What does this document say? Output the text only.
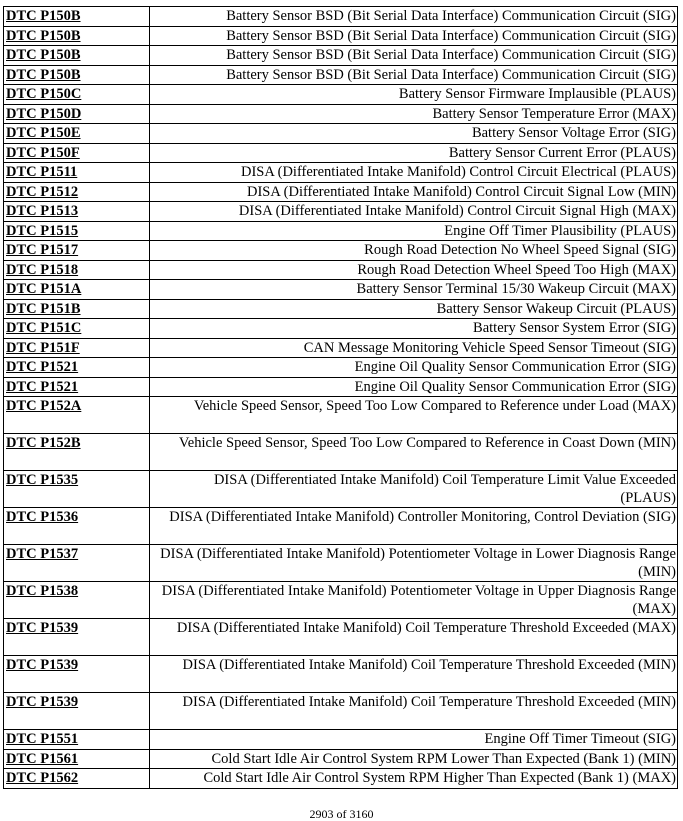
DTC P150B	Battery Sensor BSD (Bit Serial Data Interface) Communication Circuit (SIG)
DTC P150B	Battery Sensor BSD (Bit Serial Data Interface) Communication Circuit (SIG)
DTC P150B	Battery Sensor BSD (Bit Serial Data Interface) Communication Circuit (SIG)
DTC P150B	Battery Sensor BSD (Bit Serial Data Interface) Communication Circuit (SIG)
DTC P150C	Battery Sensor Firmware Implausible (PLAUS)
DTC P150D	Battery Sensor Temperature Error (MAX)
DTC P150E	Battery Sensor Voltage Error (SIG)
DTC P150F	Battery Sensor Current Error (PLAUS)
DTC P1511	DISA (Differentiated Intake Manifold) Control Circuit Electrical (PLAUS)
DTC P1512	DISA (Differentiated Intake Manifold) Control Circuit Signal Low (MIN)
DTC P1513	DISA (Differentiated Intake Manifold) Control Circuit Signal High (MAX)
DTC P1515	Engine Off Timer Plausibility (PLAUS)
DTC P1517	Rough Road Detection No Wheel Speed Signal (SIG)
DTC P1518	Rough Road Detection Wheel Speed Too High (MAX)
DTC P151A	Battery Sensor Terminal 15/30 Wakeup Circuit (MAX)
DTC P151B	Battery Sensor Wakeup Circuit (PLAUS)
DTC P151C	Battery Sensor System Error (SIG)
DTC P151F	CAN Message Monitoring Vehicle Speed Sensor Timeout (SIG)
DTC P1521	Engine Oil Quality Sensor Communication Error (SIG)
DTC P1521	Engine Oil Quality Sensor Communication Error (SIG)
DTC P152A	Vehicle Speed Sensor, Speed Too Low Compared to Reference under Load (MAX)
DTC P152B	Vehicle Speed Sensor, Speed Too Low Compared to Reference in Coast Down (MIN)
DTC P1535	DISA (Differentiated Intake Manifold) Coil Temperature Limit Value Exceeded (PLAUS)
DTC P1536	DISA (Differentiated Intake Manifold) Controller Monitoring, Control Deviation (SIG)
DTC P1537	DISA (Differentiated Intake Manifold) Potentiometer Voltage in Lower Diagnosis Range (MIN)
DTC P1538	DISA (Differentiated Intake Manifold) Potentiometer Voltage in Upper Diagnosis Range (MAX)
DTC P1539	DISA (Differentiated Intake Manifold) Coil Temperature Threshold Exceeded (MAX)
DTC P1539	DISA (Differentiated Intake Manifold) Coil Temperature Threshold Exceeded (MIN)
DTC P1539	DISA (Differentiated Intake Manifold) Coil Temperature Threshold Exceeded (MIN)
DTC P1551	Engine Off Timer Timeout (SIG)
DTC P1561	Cold Start Idle Air Control System RPM Lower Than Expected (Bank 1) (MIN)
DTC P1562	Cold Start Idle Air Control System RPM Higher Than Expected (Bank 1) (MAX)
2903 of 3160
